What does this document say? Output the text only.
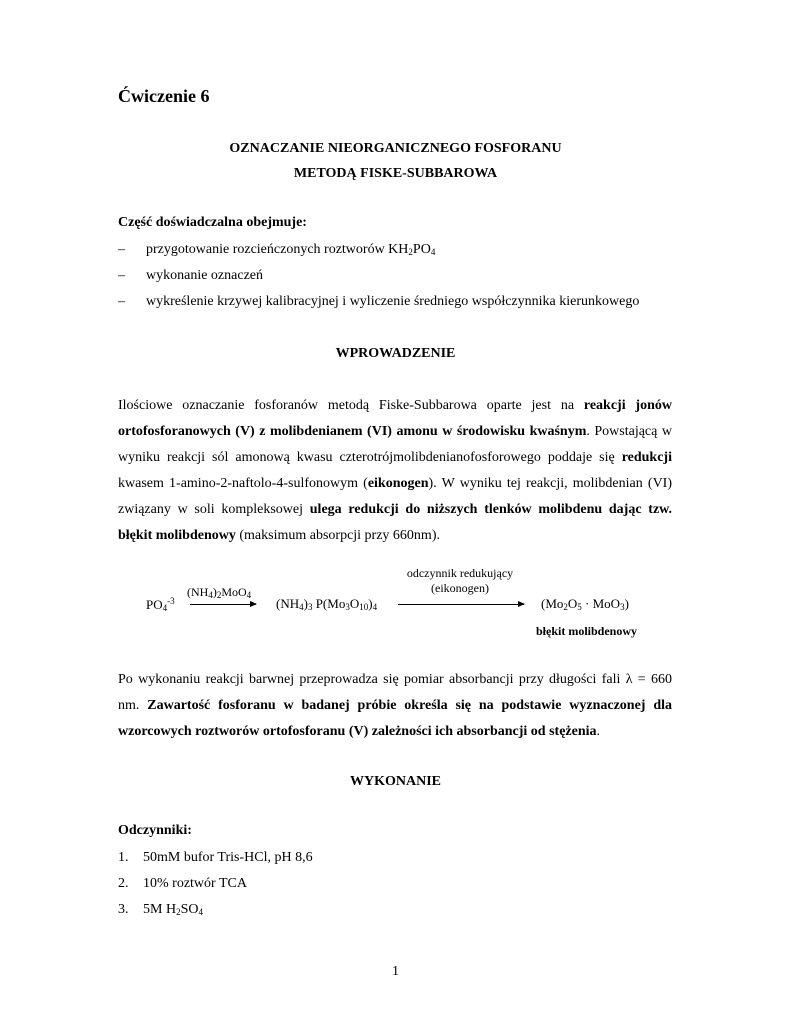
Ćwiczenie 6
OZNACZANIE NIEORGANICZNEGO FOSFORANU
METODĄ FISKE-SUBBAROWA
Część doświadczalna obejmuje:
– przygotowanie rozcieńczonych roztworów $KH_2PO_4$
– wykonanie oznaczeń
– wykreślenie krzywej kalibracyjnej i wyliczenie średniego współczynnika kierunkowego
WPROWADZENIE
Ilościowe oznaczanie fosforanów metodą Fiske-Subbarowa oparte jest na reakcji jonów ortofosforanowych (V) z molibdenianem (VI) amonu w środowisku kwaśnym. Powstającą w wyniku reakcji sól amonową kwasu czterotrójmolibdenianofosforowego poddaje się redukcji kwasem 1-amino-2-naftolo-4-sulfonowym (eikonogen). W wyniku tej reakcji, molibdenian (VI) związany w soli kompleksowej ulega redukcji do niższych tlenków molibdenu dając tzw. błękit molibdenowy (maksimum absorpcji przy 660nm).
$PO_4^{-3}$
$(NH_4)_2MoO_4$
$(NH_4)_3$ $P(Mo_3O_{10})_4$
odczynnik redukujący
(eikonogen)
$(Mo_2O_5 \cdot MoO_3)$
błękit molibdenowy
Po wykonaniu reakcji barwnej przeprowadza się pomiar absorbancji przy długości fali λ = 660 nm. Zawartość fosforanu w badanej próbie określa się na podstawie wyznaczonej dla wzorcowych roztworów ortofosforanu (V) zależności ich absorbancji od stężenia.
WYKONANIE
Odczynniki:
1. 50mM bufor Tris-HCl, pH 8,6
2. 10% roztwór TCA
3. 5M $H_2SO_4$
1
